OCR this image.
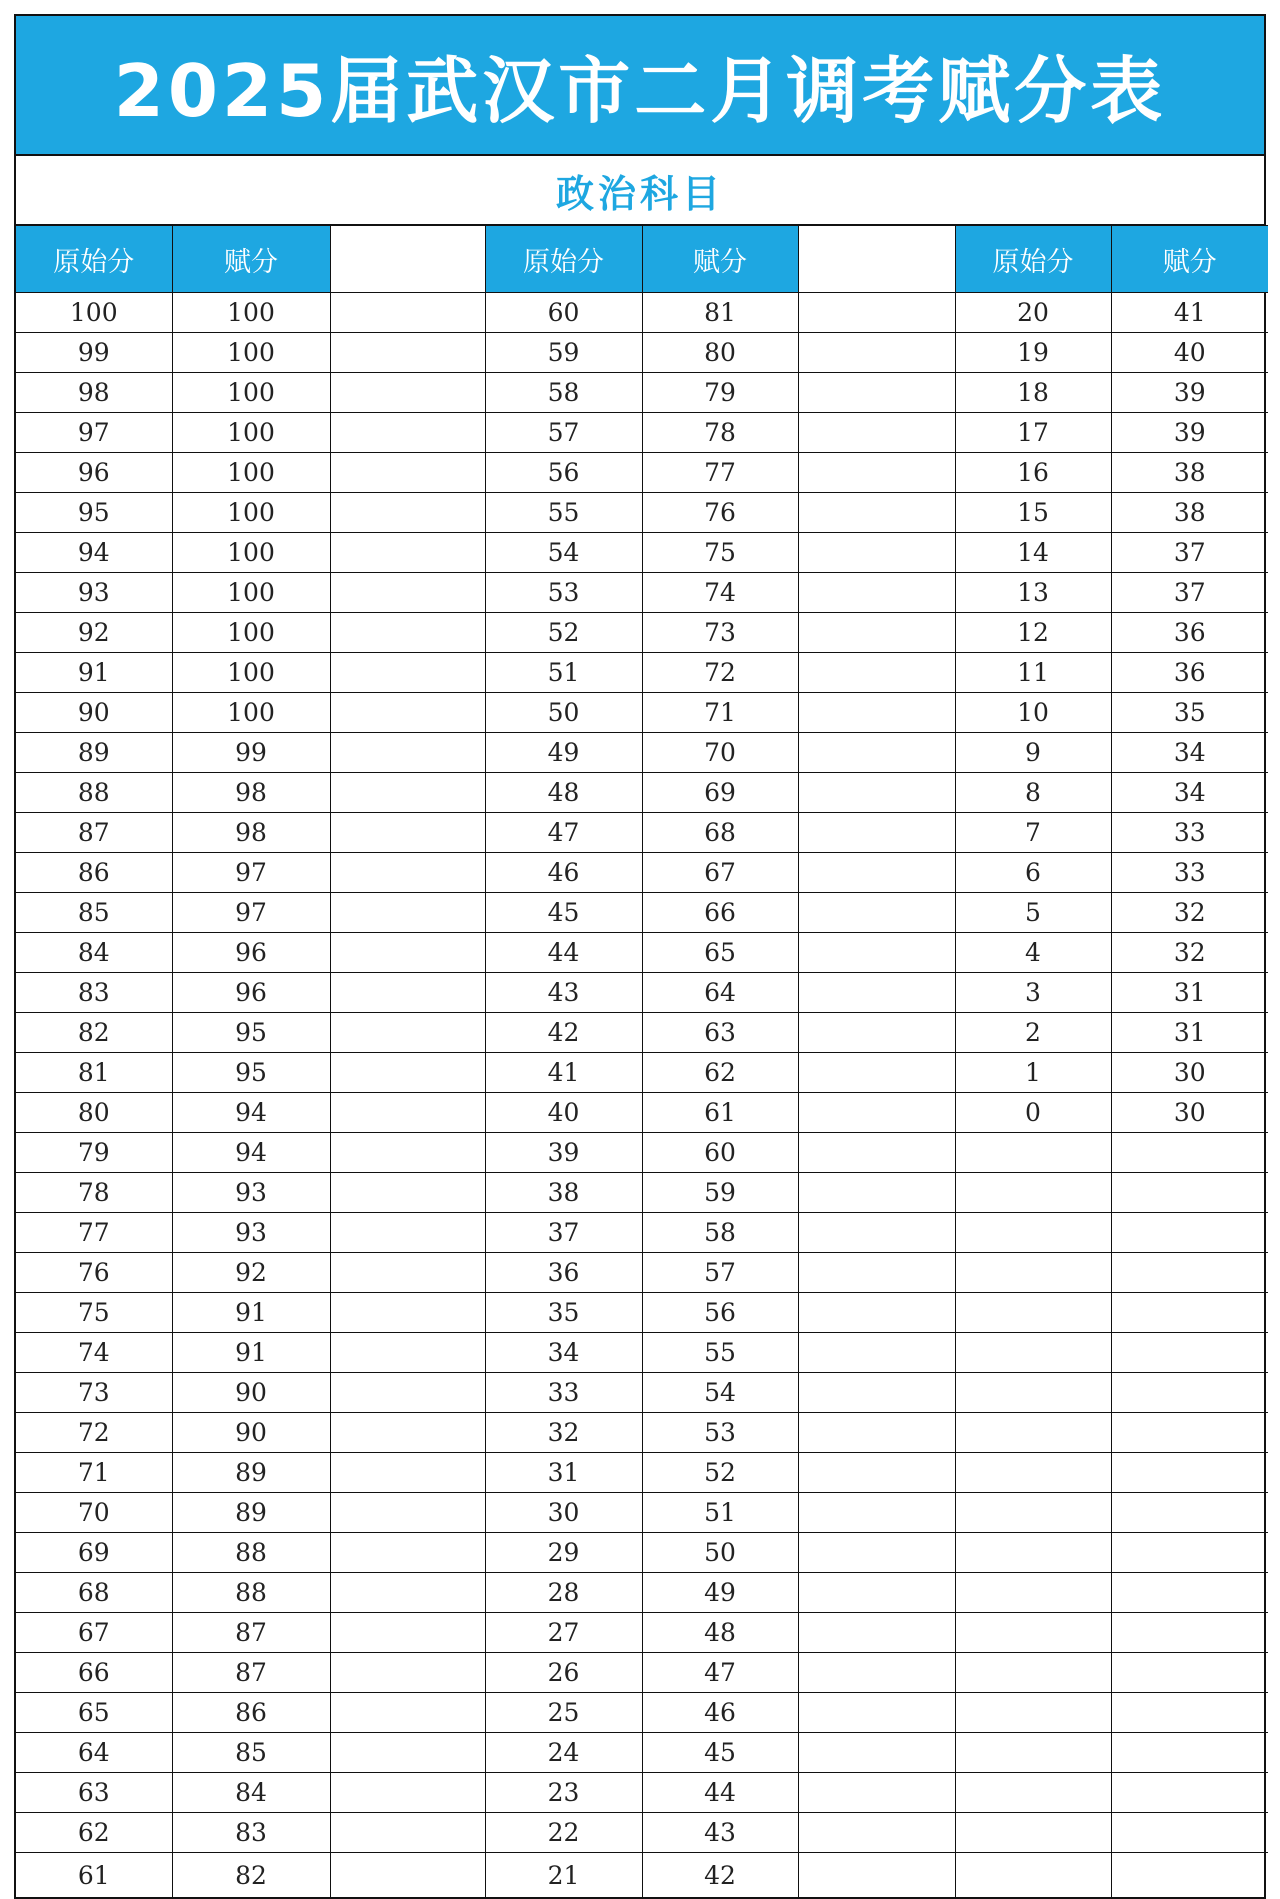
2025届武汉市二月调考赋分表
政治科目
原始分	赋分		原始分	赋分		原始分	赋分
100	100		60	81		20	41
99	100		59	80		19	40
98	100		58	79		18	39
97	100		57	78		17	39
96	100		56	77		16	38
95	100		55	76		15	38
94	100		54	75		14	37
93	100		53	74		13	37
92	100		52	73		12	36
91	100		51	72		11	36
90	100		50	71		10	35
89	99		49	70		9	34
88	98		48	69		8	34
87	98		47	68		7	33
86	97		46	67		6	33
85	97		45	66		5	32
84	96		44	65		4	32
83	96		43	64		3	31
82	95		42	63		2	31
81	95		41	62		1	30
80	94		40	61		0	30
79	94		39	60			
78	93		38	59			
77	93		37	58			
76	92		36	57			
75	91		35	56			
74	91		34	55			
73	90		33	54			
72	90		32	53			
71	89		31	52			
70	89		30	51			
69	88		29	50			
68	88		28	49			
67	87		27	48			
66	87		26	47			
65	86		25	46			
64	85		24	45			
63	84		23	44			
62	83		22	43			
61	82		21	42			
